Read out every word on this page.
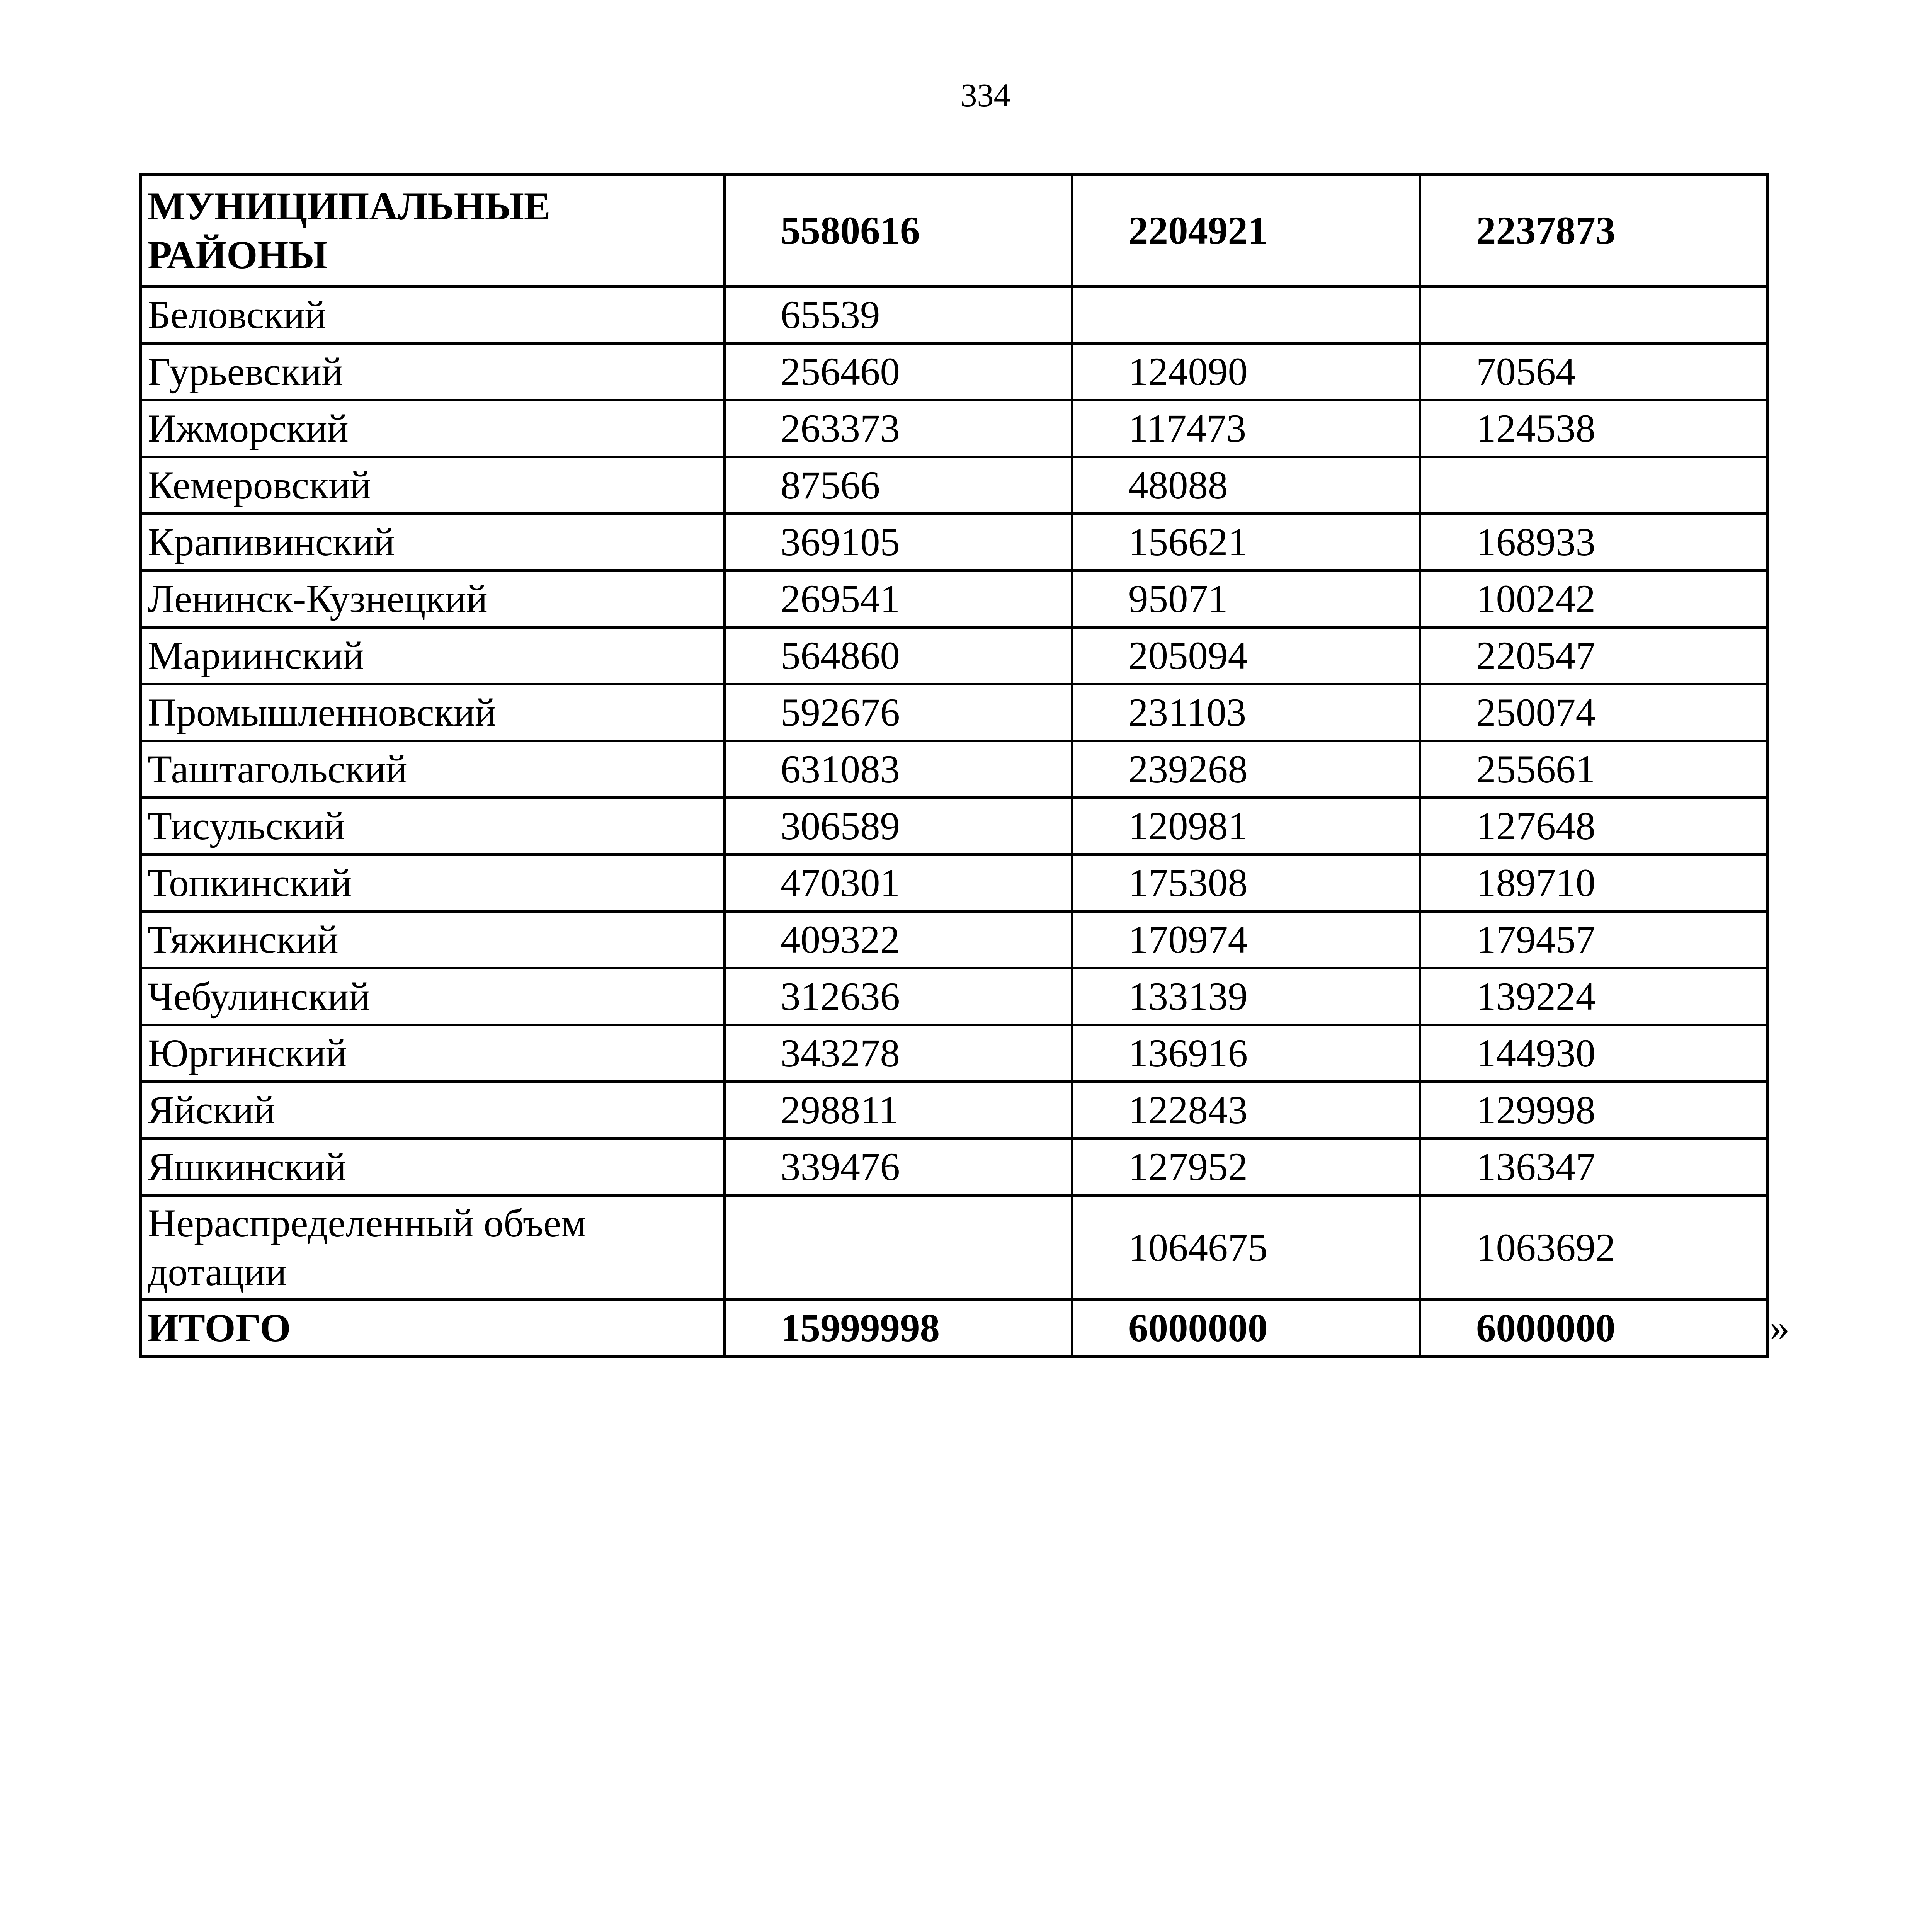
334
МУНИЦИПАЛЬНЫЕ РАЙОНЫ	5580616	2204921	2237873
Беловский	65539		
Гурьевский	256460	124090	70564
Ижморский	263373	117473	124538
Кемеровский	87566	48088	
Крапивинский	369105	156621	168933
Ленинск-Кузнецкий	269541	95071	100242
Мариинский	564860	205094	220547
Промышленновский	592676	231103	250074
Таштагольский	631083	239268	255661
Тисульский	306589	120981	127648
Топкинский	470301	175308	189710
Тяжинский	409322	170974	179457
Чебулинский	312636	133139	139224
Юргинский	343278	136916	144930
Яйский	298811	122843	129998
Яшкинский	339476	127952	136347
Нераспределенный объем дотации		1064675	1063692
ИТОГО	15999998	6000000	6000000	»
